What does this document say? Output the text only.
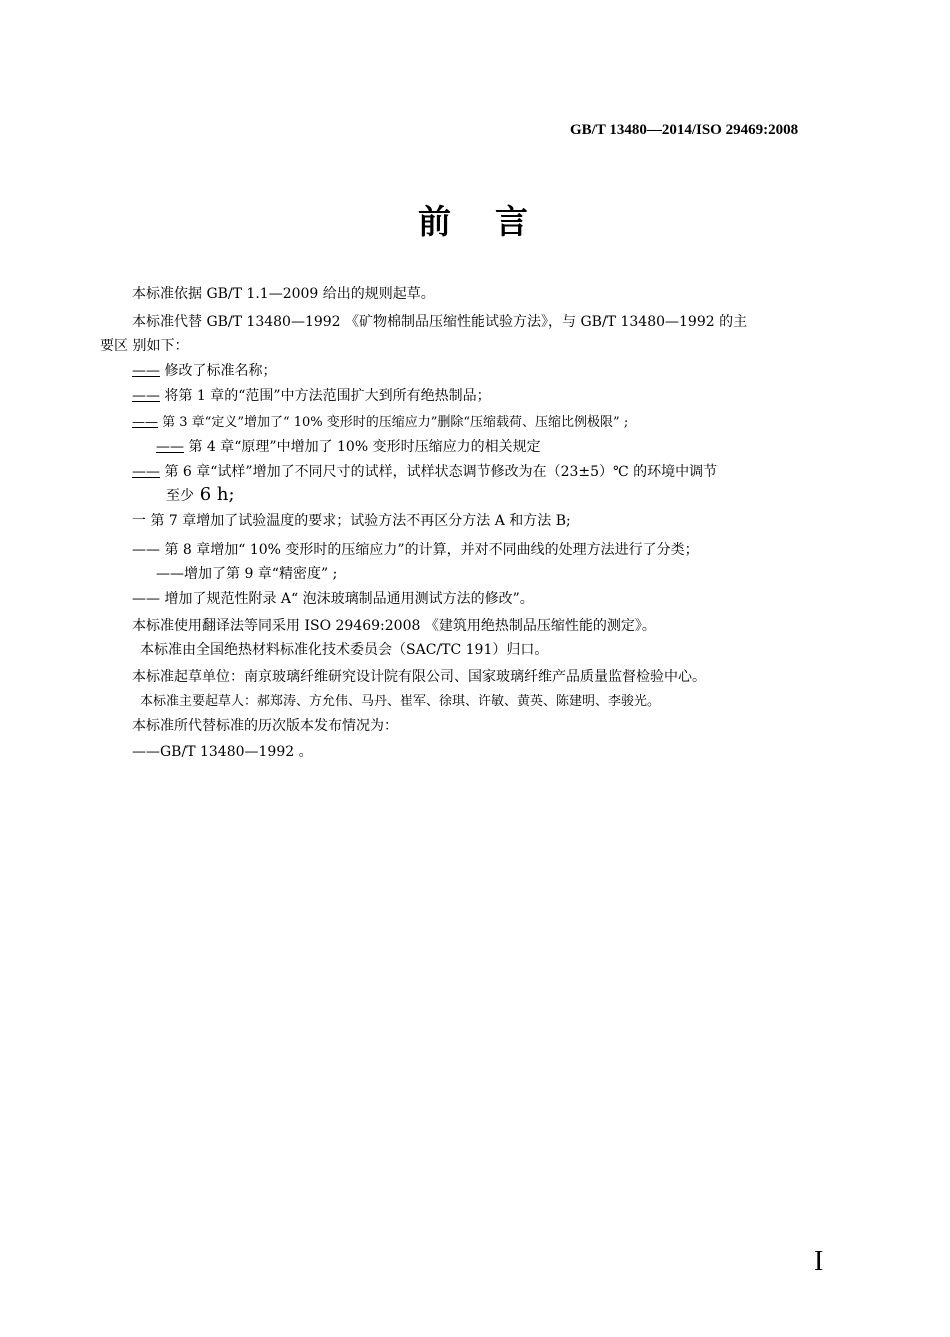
GB/T 13480—2014/ISO 29469:2008
前言
本标准依据 GB/T 1.1—2009 给出的规则起草。
本标准代替 GB/T 13480—1992 《矿物棉制品压缩性能试验方法》，与 GB/T 13480—1992 的主
要区 别如下：
—— 修改了标准名称；
—— 将第 1 章的“范围”中方法范围扩大到所有绝热制品；
—— 第 3 章“定义”增加了“ 10% 变形时的压缩应力”删除“压缩载荷、压缩比例极限” ;
—— 第 4 章“原理”中增加了 10% 变形时压缩应力的相关规定
—— 第 6 章“试样”增加了不同尺寸的试样，试样状态调节修改为在（23±5）℃ 的环境中调节
至少 6 h;
一 第 7 章增加了试验温度的要求；试验方法不再区分方法 A 和方法 B;
—— 第 8 章增加“ 10% 变形时的压缩应力”的计算，并对不同曲线的处理方法进行了分类；
——增加了第 9 章“精密度” ;
—— 增加了规范性附录 A“ 泡沫玻璃制品通用测试方法的修改”。
本标准使用翻译法等同采用 ISO 29469:2008 《建筑用绝热制品压缩性能的测定》。
本标准由全国绝热材料标准化技术委员会（SAC/TC 191）归口。
本标准起草单位：南京玻璃纤维研究设计院有限公司、国家玻璃纤维产品质量监督检验中心。
本标准主要起草人：郝郑涛、方允伟、马丹、崔军、徐琪、许敏、黄英、陈建明、李骏光。
本标准所代替标准的历次版本发布情况为：
——GB/T 13480—1992 。
I
